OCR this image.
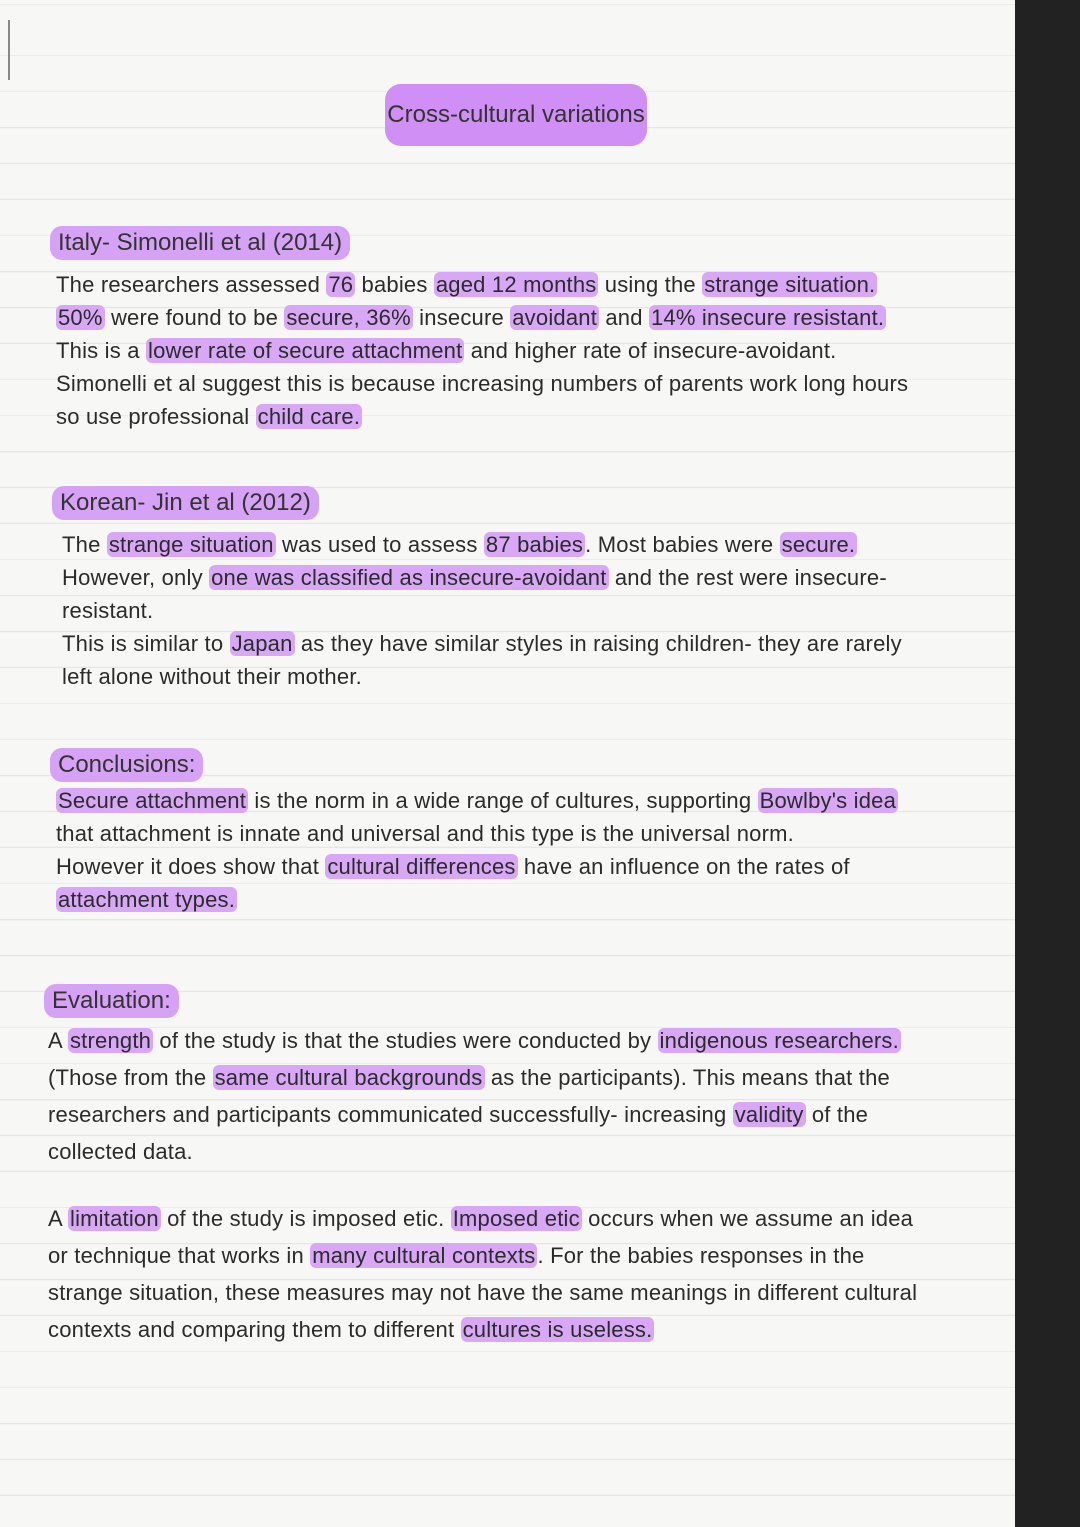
Cross-cultural variations
Italy- Simonelli et al (2014)
The researchers assessed 76 babies aged 12 months using the strange situation.
50% were found to be secure, 36% insecure avoidant and 14% insecure resistant.
This is a lower rate of secure attachment and higher rate of insecure-avoidant.
Simonelli et al suggest this is because increasing numbers of parents work long hours
so use professional child care.
Korean- Jin et al (2012)
The strange situation was used to assess 87 babies. Most babies were secure.
However, only one was classified as insecure-avoidant and the rest were insecure-
resistant.
This is similar to Japan as they have similar styles in raising children- they are rarely
left alone without their mother.
Conclusions:
Secure attachment is the norm in a wide range of cultures, supporting Bowlby's idea
that attachment is innate and universal and this type is the universal norm.
However it does show that cultural differences have an influence on the rates of
attachment types.
Evaluation:
A strength of the study is that the studies were conducted by indigenous researchers.
(Those from the same cultural backgrounds as the participants). This means that the
researchers and participants communicated successfully- increasing validity of the
collected data.
A limitation of the study is imposed etic. Imposed etic occurs when we assume an idea
or technique that works in many cultural contexts. For the babies responses in the
strange situation, these measures may not have the same meanings in different cultural
contexts and comparing them to different cultures is useless.
